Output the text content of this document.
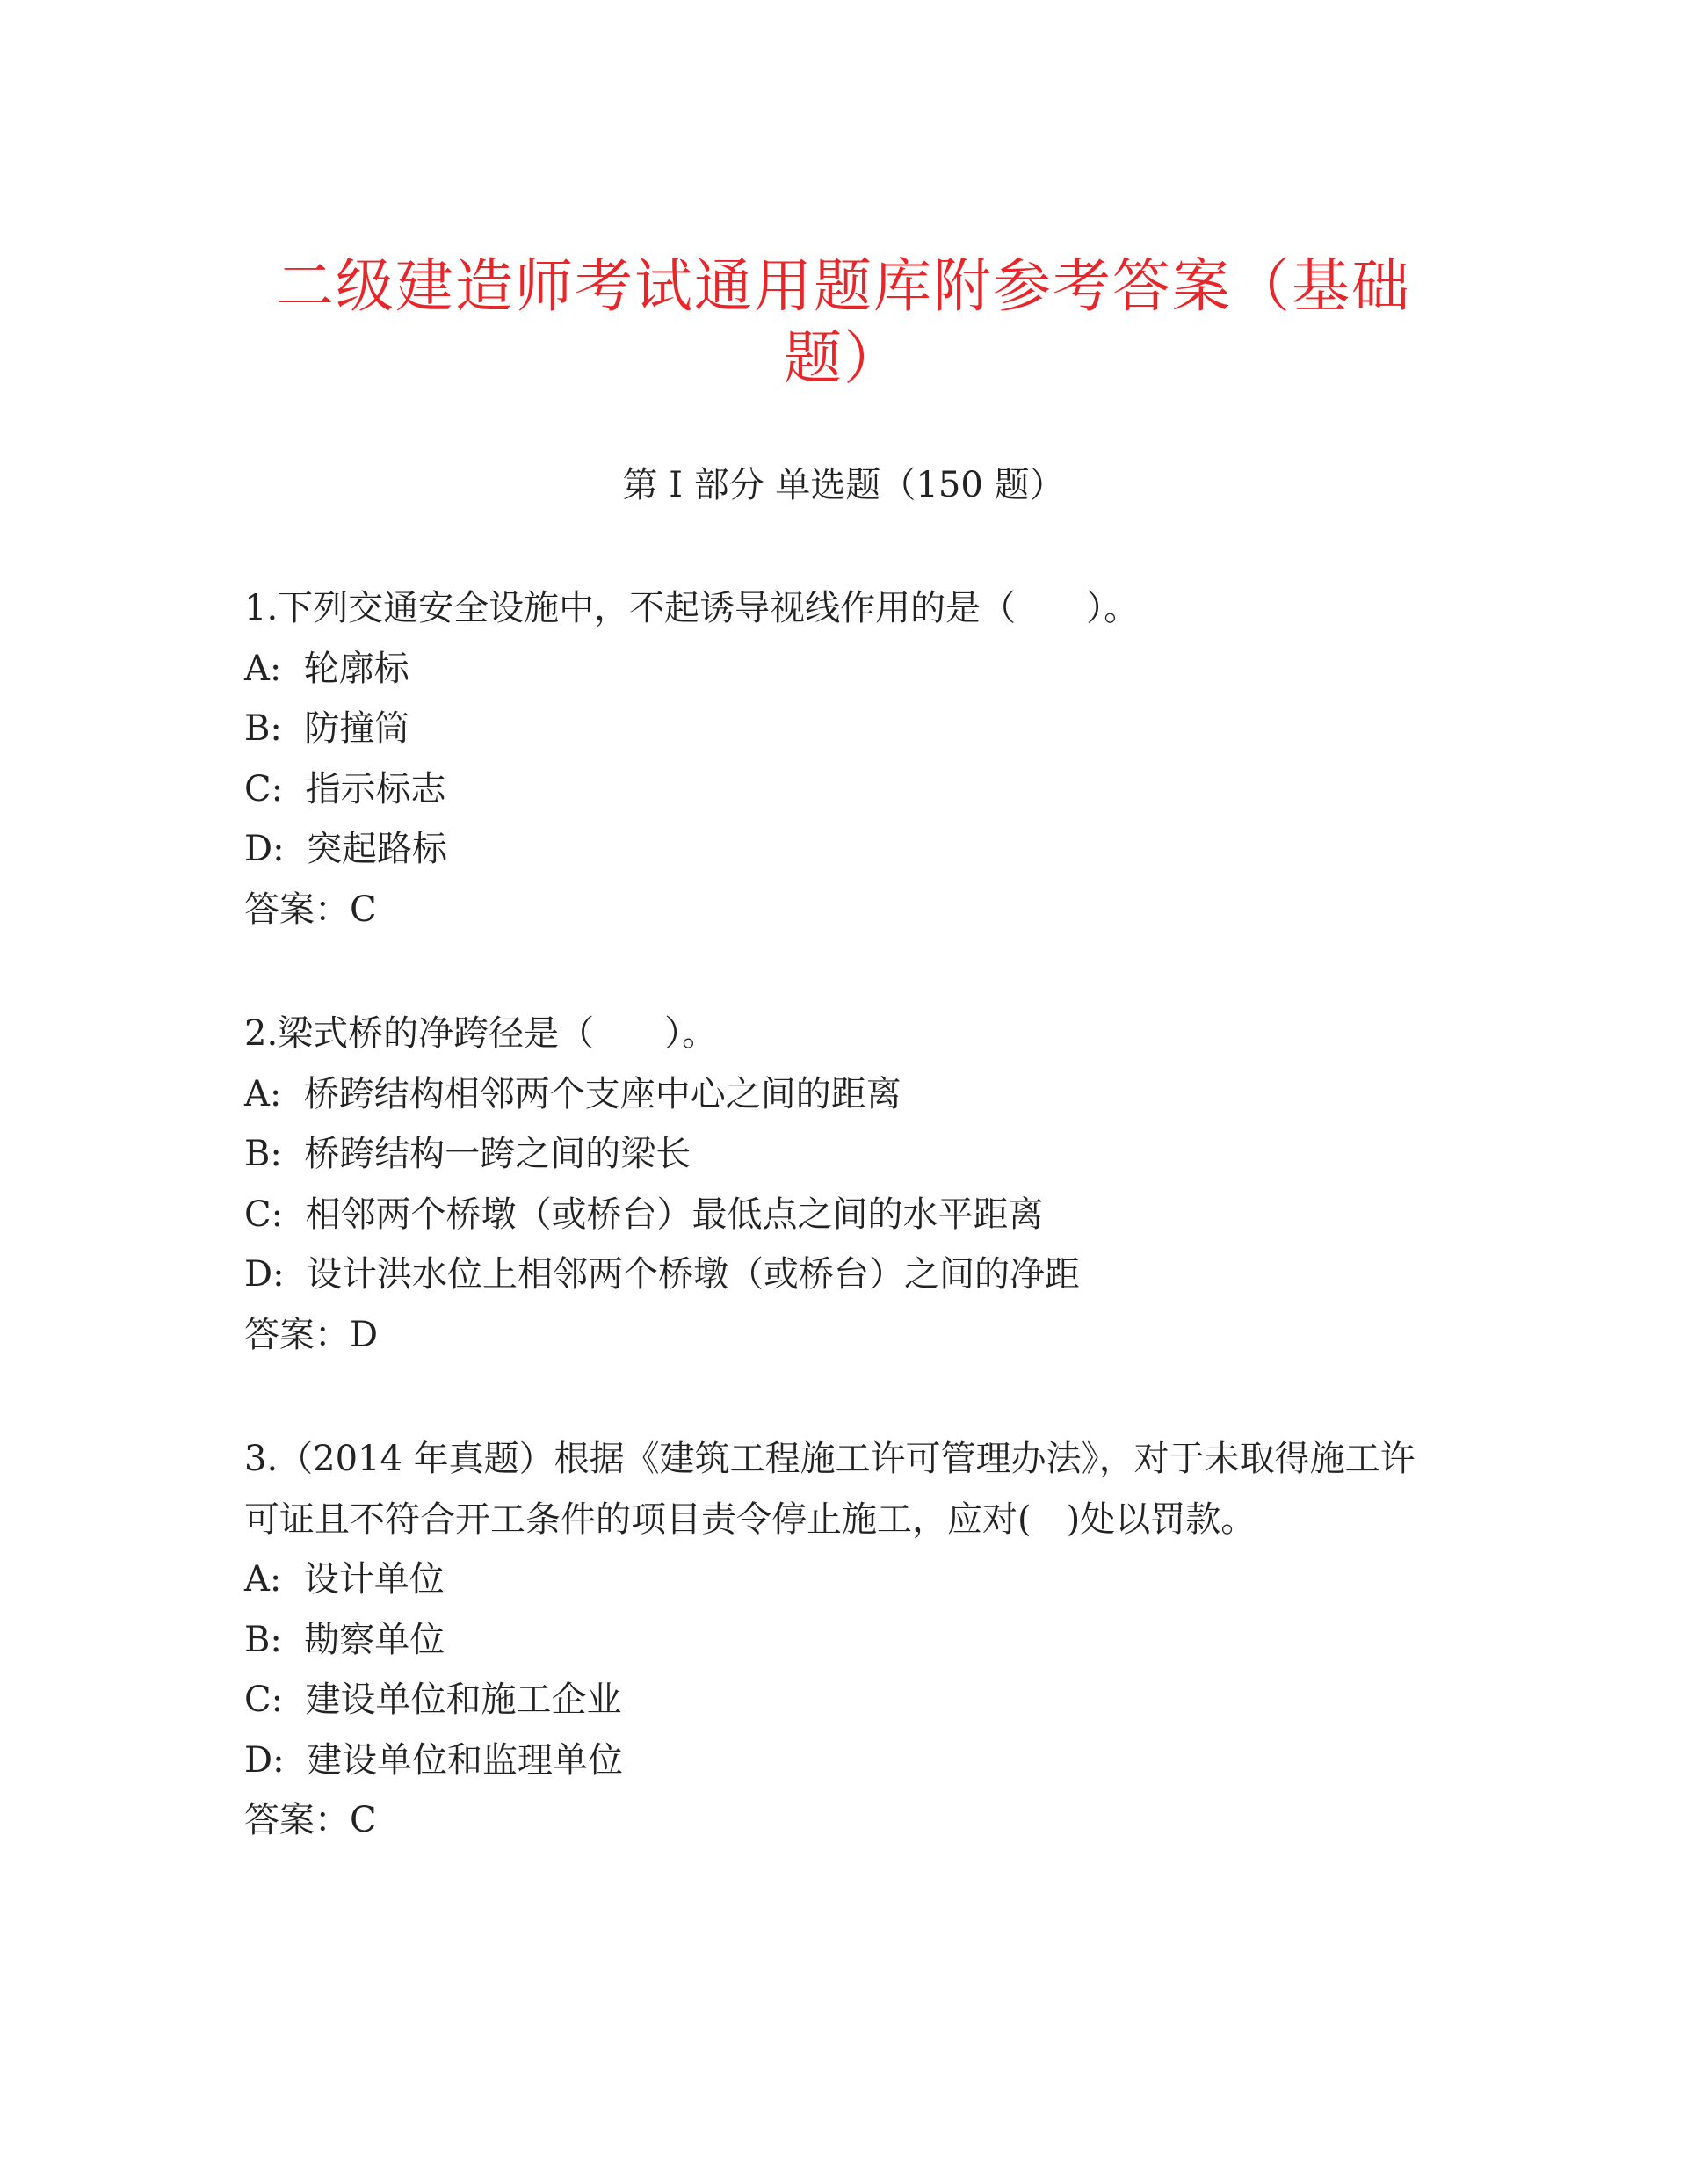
二级建造师考试通用题库附参考答案（基础题）
第 I 部分 单选题（150 题）

1.下列交通安全设施中，不起诱导视线作用的是（　　）。

A:  轮廓标

B:  防撞筒

C:  指示标志

D:  突起路标

答案：C

2.梁式桥的净跨径是（　　）。

A:  桥跨结构相邻两个支座中心之间的距离

B:  桥跨结构一跨之间的梁长

C:  相邻两个桥墩（或桥台）最低点之间的水平距离

D:  设计洪水位上相邻两个桥墩（或桥台）之间的净距

答案：D

3.（2014 年真题）根据《建筑工程施工许可管理办法》，对于未取得施工许可证且不符合开工条件的项目责令停止施工，应对(　)处以罚款。

A:  设计单位

B:  勘察单位

C:  建设单位和施工企业

D:  建设单位和监理单位

答案：C
